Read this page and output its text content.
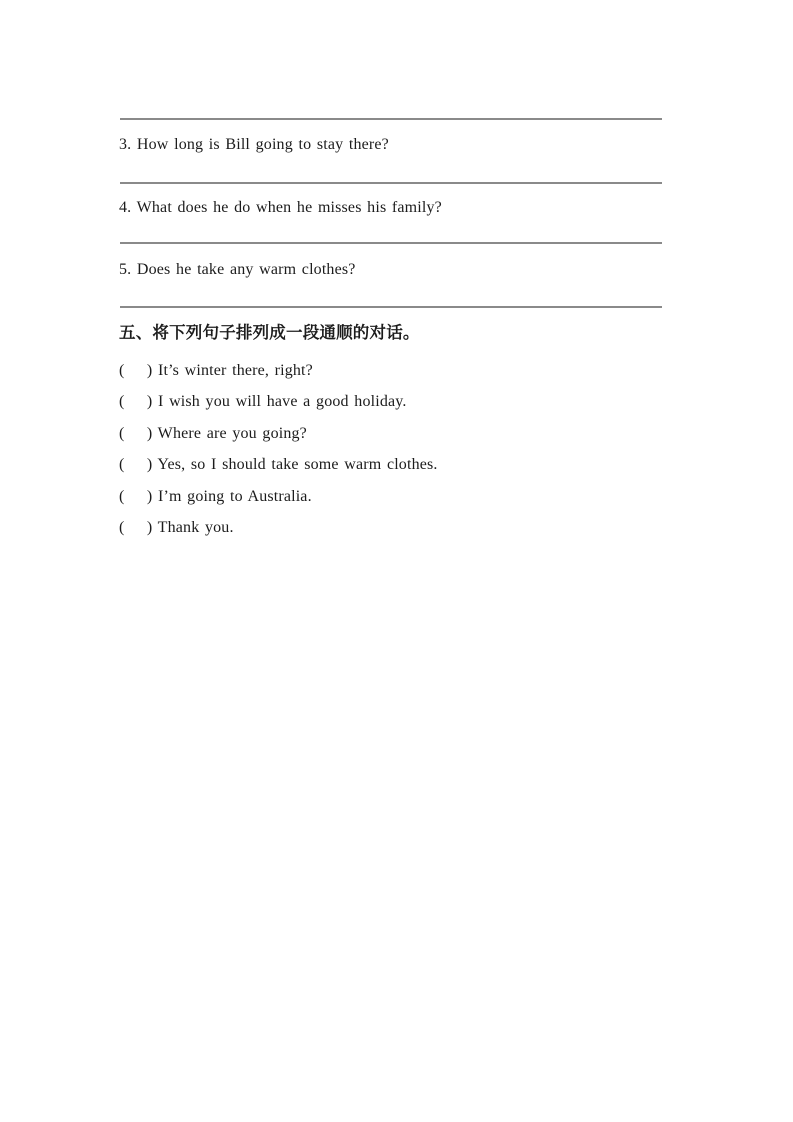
3. How long is Bill going to stay there?

4. What does he do when he misses his family?

5. Does he take any warm clothes?

五、将下列句子排列成一段通顺的对话。
(    ) It’s winter there, right?
(    ) I wish you will have a good holiday.
(    ) Where are you going?
(    ) Yes, so I should take some warm clothes.
(    ) I’m going to Australia.
(    ) Thank you.
